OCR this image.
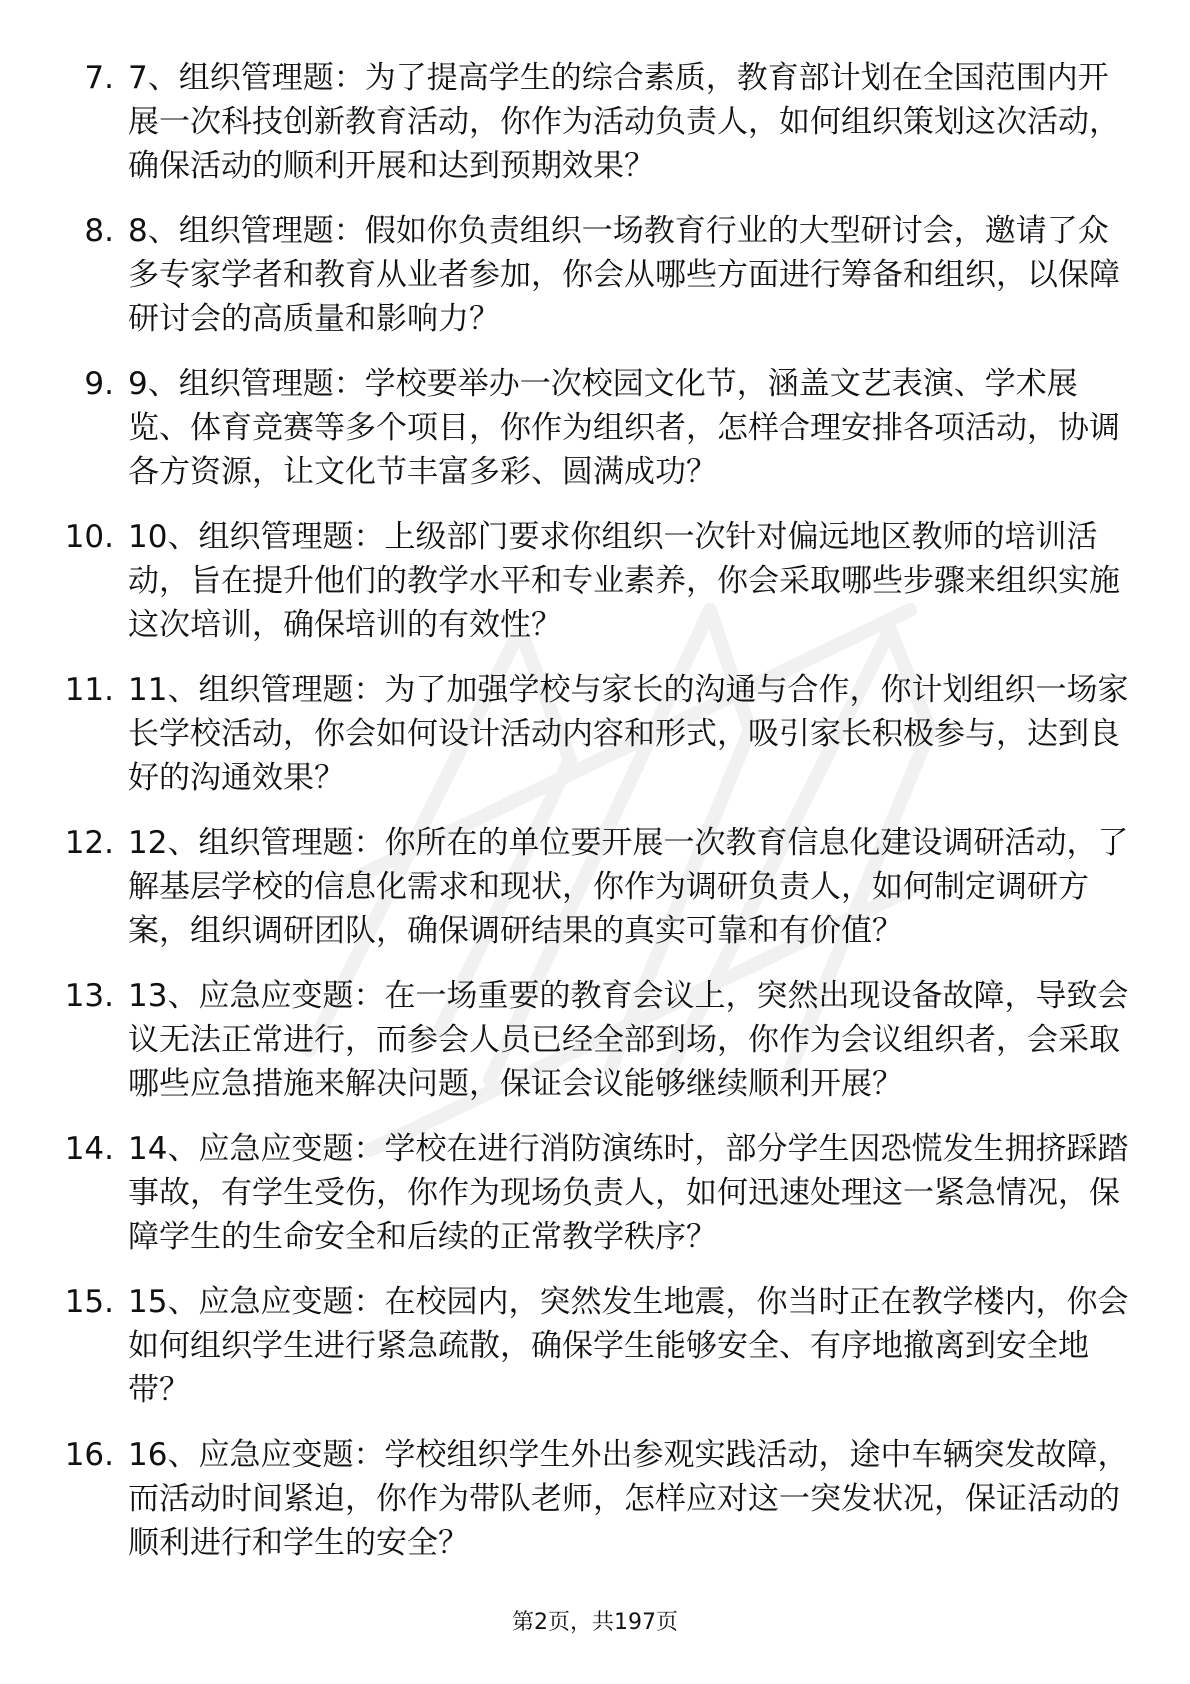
7. 7、组织管理题：为了提高学生的综合素质，教育部计划在全国范围内开展一次科技创新教育活动，你作为活动负责人，如何组织策划这次活动，确保活动的顺利开展和达到预期效果？
8. 8、组织管理题：假如你负责组织一场教育行业的大型研讨会，邀请了众多专家学者和教育从业者参加，你会从哪些方面进行筹备和组织，以保障研讨会的高质量和影响力？
9. 9、组织管理题：学校要举办一次校园文化节，涵盖文艺表演、学术展览、体育竞赛等多个项目，你作为组织者，怎样合理安排各项活动，协调各方资源，让文化节丰富多彩、圆满成功？
10. 10、组织管理题：上级部门要求你组织一次针对偏远地区教师的培训活动，旨在提升他们的教学水平和专业素养，你会采取哪些步骤来组织实施这次培训，确保培训的有效性？
11. 11、组织管理题：为了加强学校与家长的沟通与合作，你计划组织一场家长学校活动，你会如何设计活动内容和形式，吸引家长积极参与，达到良好的沟通效果？
12. 12、组织管理题：你所在的单位要开展一次教育信息化建设调研活动，了解基层学校的信息化需求和现状，你作为调研负责人，如何制定调研方案，组织调研团队，确保调研结果的真实可靠和有价值？
13. 13、应急应变题：在一场重要的教育会议上，突然出现设备故障，导致会议无法正常进行，而参会人员已经全部到场，你作为会议组织者，会采取哪些应急措施来解决问题，保证会议能够继续顺利开展？
14. 14、应急应变题：学校在进行消防演练时，部分学生因恐慌发生拥挤踩踏事故，有学生受伤，你作为现场负责人，如何迅速处理这一紧急情况，保障学生的生命安全和后续的正常教学秩序？
15. 15、应急应变题：在校园内，突然发生地震，你当时正在教学楼内，你会如何组织学生进行紧急疏散，确保学生能够安全、有序地撤离到安全地带？
16. 16、应急应变题：学校组织学生外出参观实践活动，途中车辆突发故障，而活动时间紧迫，你作为带队老师，怎样应对这一突发状况，保证活动的顺利进行和学生的安全？
第2页，共197页
